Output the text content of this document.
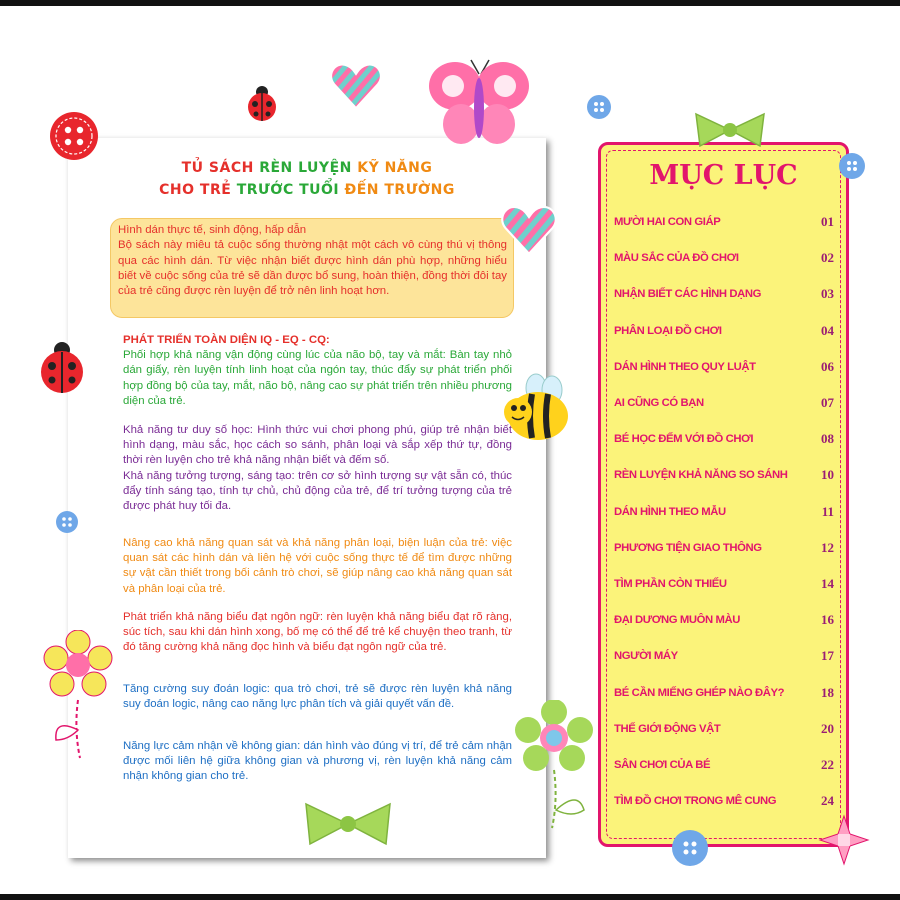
TỦ SÁCH RÈN LUYỆN KỸ NĂNG
CHO TRẺ TRƯỚC TUỔI ĐẾN TRƯỜNG

Hình dán thực tế, sinh động, hấp dẫn

Bộ sách này miêu tả cuộc sống thường nhật một cách vô cùng thú vị thông qua các hình dán. Từ việc nhận biết được hình dán phù hợp, những hiểu biết về cuộc sống của trẻ sẽ dần được bổ sung, hoàn thiện, đồng thời đôi tay của trẻ cũng được rèn luyện để trở nên linh hoạt hơn.

PHÁT TRIỂN TOÀN DIỆN IQ - EQ - CQ:

Phối hợp khả năng vận động cùng lúc của não bộ, tay và mắt: Bàn tay nhỏ dán giấy, rèn luyện tính linh hoạt của ngón tay, thúc đẩy sự phát triển phối hợp đồng bộ của tay, mắt, não bộ, nâng cao sự phát triển trên nhiều phương diện của trẻ.

Khả năng tư duy số học: Hình thức vui chơi phong phú, giúp trẻ nhận biết hình dạng, màu sắc, học cách so sánh, phân loại và sắp xếp thứ tự, đồng thời rèn luyện cho trẻ khả năng nhận biết và đếm số.

Khả năng tưởng tượng, sáng tạo: trên cơ sở hình tượng sự vật sẵn có, thúc đẩy tính sáng tạo, tính tự chủ, chủ động của trẻ, để trí tưởng tượng của trẻ được phát huy tối đa.

Nâng cao khả năng quan sát và khả năng phân loại, biện luận của trẻ: việc quan sát các hình dán và liên hệ với cuộc sống thực tế để tìm được những sự vật cần thiết trong bối cảnh trò chơi, sẽ giúp nâng cao khả năng quan sát và phân loại của trẻ.

Phát triển khả năng biểu đạt ngôn ngữ: rèn luyện khả năng biểu đạt rõ ràng, súc tích, sau khi dán hình xong, bố mẹ có thể để trẻ kể chuyện theo tranh, từ đó tăng cường khả năng đọc hình và biểu đạt ngôn ngữ của trẻ.

Tăng cường suy đoán logic: qua trò chơi, trẻ sẽ được rèn luyện khả năng suy đoán logic, nâng cao năng lực phân tích và giải quyết vấn đề.

Năng lực cảm nhận về không gian: dán hình vào đúng vị trí, để trẻ cảm nhận được mối liên hệ giữa không gian và phương vị, rèn luyện khả năng cảm nhận không gian cho trẻ.

MỤC LỤC
MƯỜI HAI CON GIÁP	01
MÀU SẮC CỦA ĐỒ CHƠI	02
NHẬN BIẾT CÁC HÌNH DẠNG	03
PHÂN LOẠI ĐỒ CHƠI	04
DÁN HÌNH THEO QUY LUẬT	06
AI CŨNG CÓ BẠN	07
BÉ HỌC ĐẾM VỚI ĐỒ CHƠI	08
RÈN LUYỆN KHẢ NĂNG SO SÁNH	10
DÁN HÌNH THEO MẪU	11
PHƯƠNG TIỆN GIAO THÔNG	12
TÌM PHẦN CÒN THIẾU	14
ĐẠI DƯƠNG MUÔN MÀU	16
NGƯỜI MÁY	17
BÉ CẦN MIẾNG GHÉP NÀO ĐÂY?	18
THẾ GIỚI ĐỘNG VẬT	20
SÂN CHƠI CỦA BÉ	22
TÌM ĐỒ CHƠI TRONG MÊ CUNG	24
